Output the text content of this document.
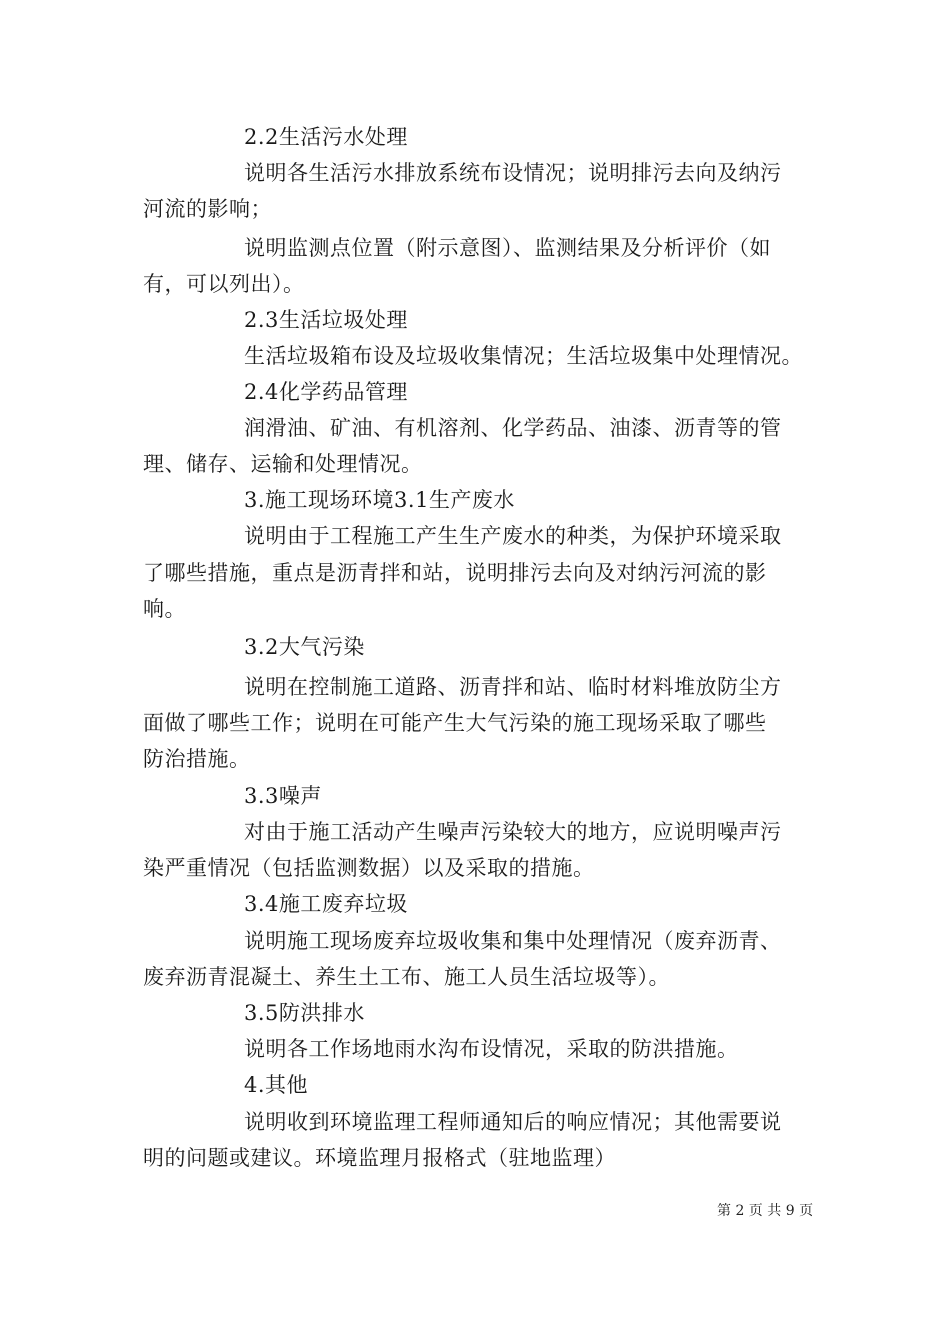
2.2生活污水处理
说明各生活污水排放系统布设情况；说明排污去向及纳污
河流的影响；
说明监测点位置（附示意图）、监测结果及分析评价（如
有，可以列出）。
2.3生活垃圾处理
生活垃圾箱布设及垃圾收集情况；生活垃圾集中处理情况。
2.4化学药品管理
润滑油、矿油、有机溶剂、化学药品、油漆、沥青等的管
理、储存、运输和处理情况。
3.施工现场环境3.1生产废水
说明由于工程施工产生生产废水的种类，为保护环境采取
了哪些措施，重点是沥青拌和站，说明排污去向及对纳污河流的影
响。
3.2大气污染
说明在控制施工道路、沥青拌和站、临时材料堆放防尘方
面做了哪些工作；说明在可能产生大气污染的施工现场采取了哪些
防治措施。
3.3噪声
对由于施工活动产生噪声污染较大的地方，应说明噪声污
染严重情况（包括监测数据）以及采取的措施。
3.4施工废弃垃圾
说明施工现场废弃垃圾收集和集中处理情况（废弃沥青、
废弃沥青混凝土、养生土工布、施工人员生活垃圾等）。
3.5防洪排水
说明各工作场地雨水沟布设情况，采取的防洪措施。
4.其他
说明收到环境监理工程师通知后的响应情况；其他需要说
明的问题或建议。环境监理月报格式（驻地监理）
第 2 页 共 9 页
